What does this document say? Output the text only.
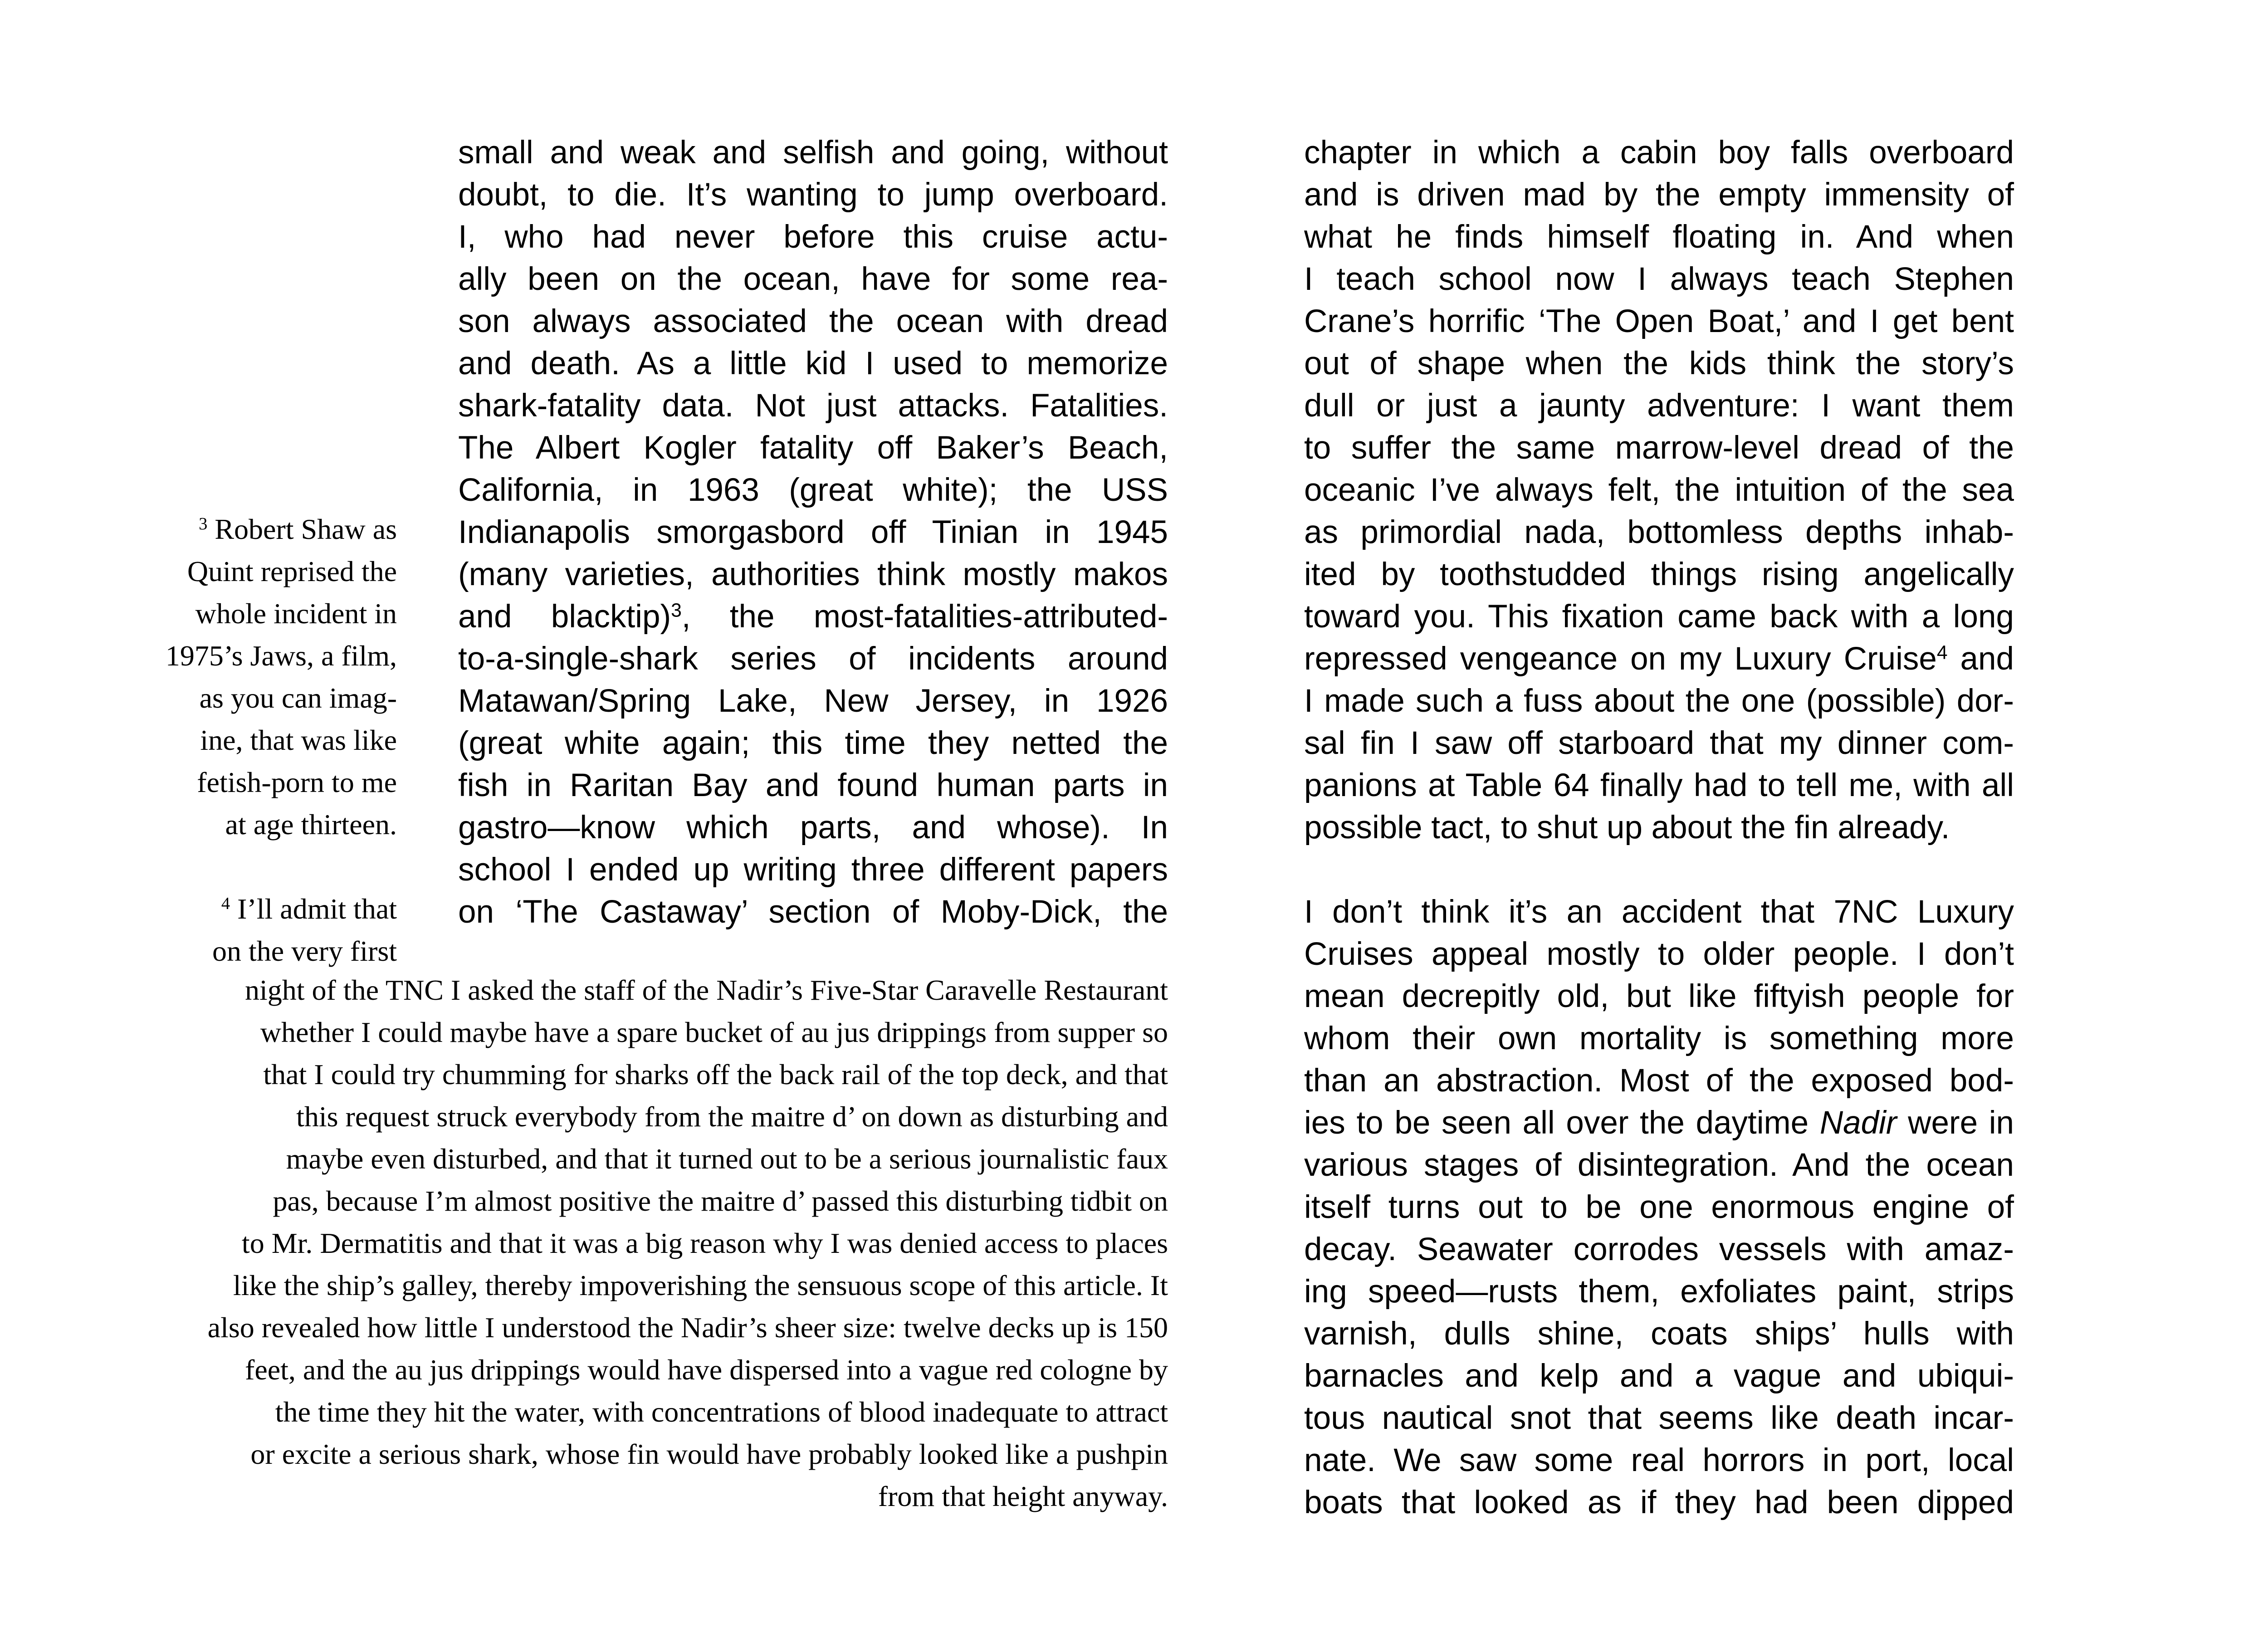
small and weak and selfish and going, without
doubt, to die. It’s wanting to jump overboard.
I, who had never before this cruise actu-
ally been on the ocean, have for some rea-
son always associated the ocean with dread
and death. As a little kid I used to memorize
shark-fatality data. Not just attacks. Fatalities.
The Albert Kogler fatality off Baker’s Beach,
California, in 1963 (great white); the USS
Indianapolis smorgasbord off Tinian in 1945
(many varieties, authorities think mostly makos
and blacktip)$^3$, the most-fatalities-attributed-
to-a-single-shark series of incidents around
Matawan/Spring Lake, New Jersey, in 1926
(great white again; this time they netted the
fish in Raritan Bay and found human parts in
gastro—know which parts, and whose). In
school I ended up writing three different papers
on ‘The Castaway’ section of Moby-Dick, the
$^3$ Robert Shaw as
Quint reprised the
whole incident in
1975’s Jaws, a film,
as you can imag-
ine, that was like
fetish-porn to me
at age thirteen.
$^4$ I’ll admit that
on the very first
night of the TNC I asked the staff of the Nadir’s Five-Star Caravelle Restaurant
whether I could maybe have a spare bucket of au jus drippings from supper so
that I could try chumming for sharks off the back rail of the top deck, and that
this request struck everybody from the maitre d’ on down as disturbing and
maybe even disturbed, and that it turned out to be a serious journalistic faux
pas, because I’m almost positive the maitre d’ passed this disturbing tidbit on
to Mr. Dermatitis and that it was a big reason why I was denied access to places
like the ship’s galley, thereby impoverishing the sensuous scope of this article. It
also revealed how little I understood the Nadir’s sheer size: twelve decks up is 150
feet, and the au jus drippings would have dispersed into a vague red cologne by
the time they hit the water, with concentrations of blood inadequate to attract
or excite a serious shark, whose fin would have probably looked like a pushpin
from that height anyway.
chapter in which a cabin boy falls overboard
and is driven mad by the empty immensity of
what he finds himself floating in. And when
I teach school now I always teach Stephen
Crane’s horrific ‘The Open Boat,’ and I get bent
out of shape when the kids think the story’s
dull or just a jaunty adventure: I want them
to suffer the same marrow-level dread of the
oceanic I’ve always felt, the intuition of the sea
as primordial nada, bottomless depths inhab-
ited by toothstudded things rising angelically
toward you. This fixation came back with a long
repressed vengeance on my Luxury Cruise$^4$ and
I made such a fuss about the one (possible) dor-
sal fin I saw off starboard that my dinner com-
panions at Table 64 finally had to tell me, with all
possible tact, to shut up about the fin already.
I don’t think it’s an accident that 7NC Luxury
Cruises appeal mostly to older people. I don’t
mean decrepitly old, but like fiftyish people for
whom their own mortality is something more
than an abstraction. Most of the exposed bod-
ies to be seen all over the daytime Nadir were in
various stages of disintegration. And the ocean
itself turns out to be one enormous engine of
decay. Seawater corrodes vessels with amaz-
ing speed—rusts them, exfoliates paint, strips
varnish, dulls shine, coats ships’ hulls with
barnacles and kelp and a vague and ubiqui-
tous nautical snot that seems like death incar-
nate. We saw some real horrors in port, local
boats that looked as if they had been dipped
